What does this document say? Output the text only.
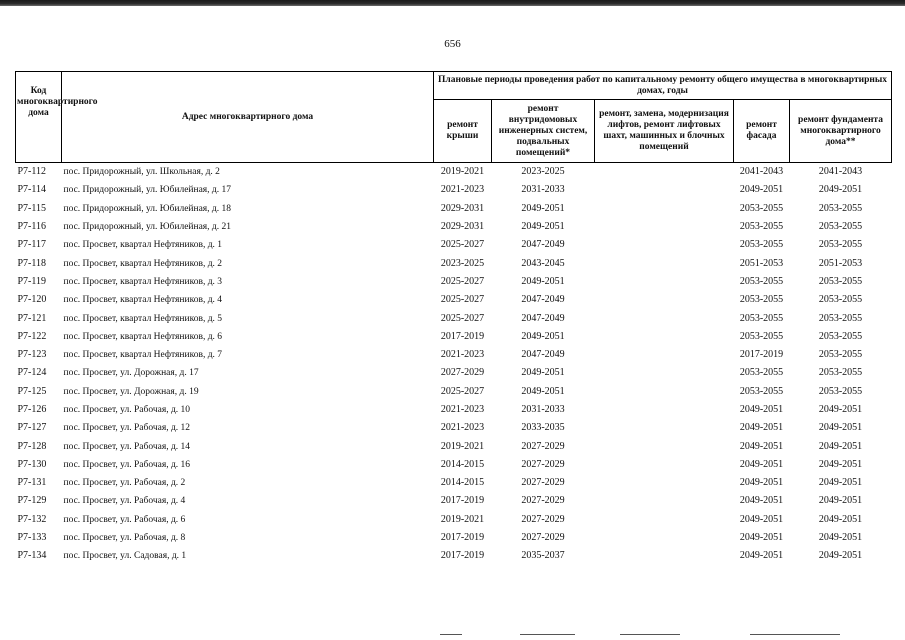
656
Код многоквартирного дома	Адрес многоквартирного дома	Плановые периоды проведения работ по капитальному ремонту общего имущества в многоквартирных домах, годы				
		ремонт крыши	ремонт внутридомовых инженерных систем, подвальных помещений*	ремонт, замена, модернизация лифтов, ремонт лифтовых шахт, машинных и блочных помещений	ремонт фасада	ремонт фундамента многоквартирного дома**
Р7-112	пос. Придорожный, ул. Школьная, д. 2	2019-2021	2023-2025		2041-2043	2041-2043
Р7-114	пос. Придорожный, ул. Юбилейная, д. 17	2021-2023	2031-2033		2049-2051	2049-2051
Р7-115	пос. Придорожный, ул. Юбилейная, д. 18	2029-2031	2049-2051		2053-2055	2053-2055
Р7-116	пос. Придорожный, ул. Юбилейная, д. 21	2029-2031	2049-2051		2053-2055	2053-2055
Р7-117	пос. Просвет, квартал Нефтяников, д. 1	2025-2027	2047-2049		2053-2055	2053-2055
Р7-118	пос. Просвет, квартал Нефтяников, д. 2	2023-2025	2043-2045		2051-2053	2051-2053
Р7-119	пос. Просвет, квартал Нефтяников, д. 3	2025-2027	2049-2051		2053-2055	2053-2055
Р7-120	пос. Просвет, квартал Нефтяников, д. 4	2025-2027	2047-2049		2053-2055	2053-2055
Р7-121	пос. Просвет, квартал Нефтяников, д. 5	2025-2027	2047-2049		2053-2055	2053-2055
Р7-122	пос. Просвет, квартал Нефтяников, д. 6	2017-2019	2049-2051		2053-2055	2053-2055
Р7-123	пос. Просвет, квартал Нефтяников, д. 7	2021-2023	2047-2049		2017-2019	2053-2055
Р7-124	пос. Просвет, ул. Дорожная, д. 17	2027-2029	2049-2051		2053-2055	2053-2055
Р7-125	пос. Просвет, ул. Дорожная, д. 19	2025-2027	2049-2051		2053-2055	2053-2055
Р7-126	пос. Просвет, ул. Рабочая, д. 10	2021-2023	2031-2033		2049-2051	2049-2051
Р7-127	пос. Просвет, ул. Рабочая, д. 12	2021-2023	2033-2035		2049-2051	2049-2051
Р7-128	пос. Просвет, ул. Рабочая, д. 14	2019-2021	2027-2029		2049-2051	2049-2051
Р7-130	пос. Просвет, ул. Рабочая, д. 16	2014-2015	2027-2029		2049-2051	2049-2051
Р7-131	пос. Просвет, ул. Рабочая, д. 2	2014-2015	2027-2029		2049-2051	2049-2051
Р7-129	пос. Просвет, ул. Рабочая, д. 4	2017-2019	2027-2029		2049-2051	2049-2051
Р7-132	пос. Просвет, ул. Рабочая, д. 6	2019-2021	2027-2029		2049-2051	2049-2051
Р7-133	пос. Просвет, ул. Рабочая, д. 8	2017-2019	2027-2029		2049-2051	2049-2051
Р7-134	пос. Просвет, ул. Садовая, д. 1	2017-2019	2035-2037		2049-2051	2049-2051
